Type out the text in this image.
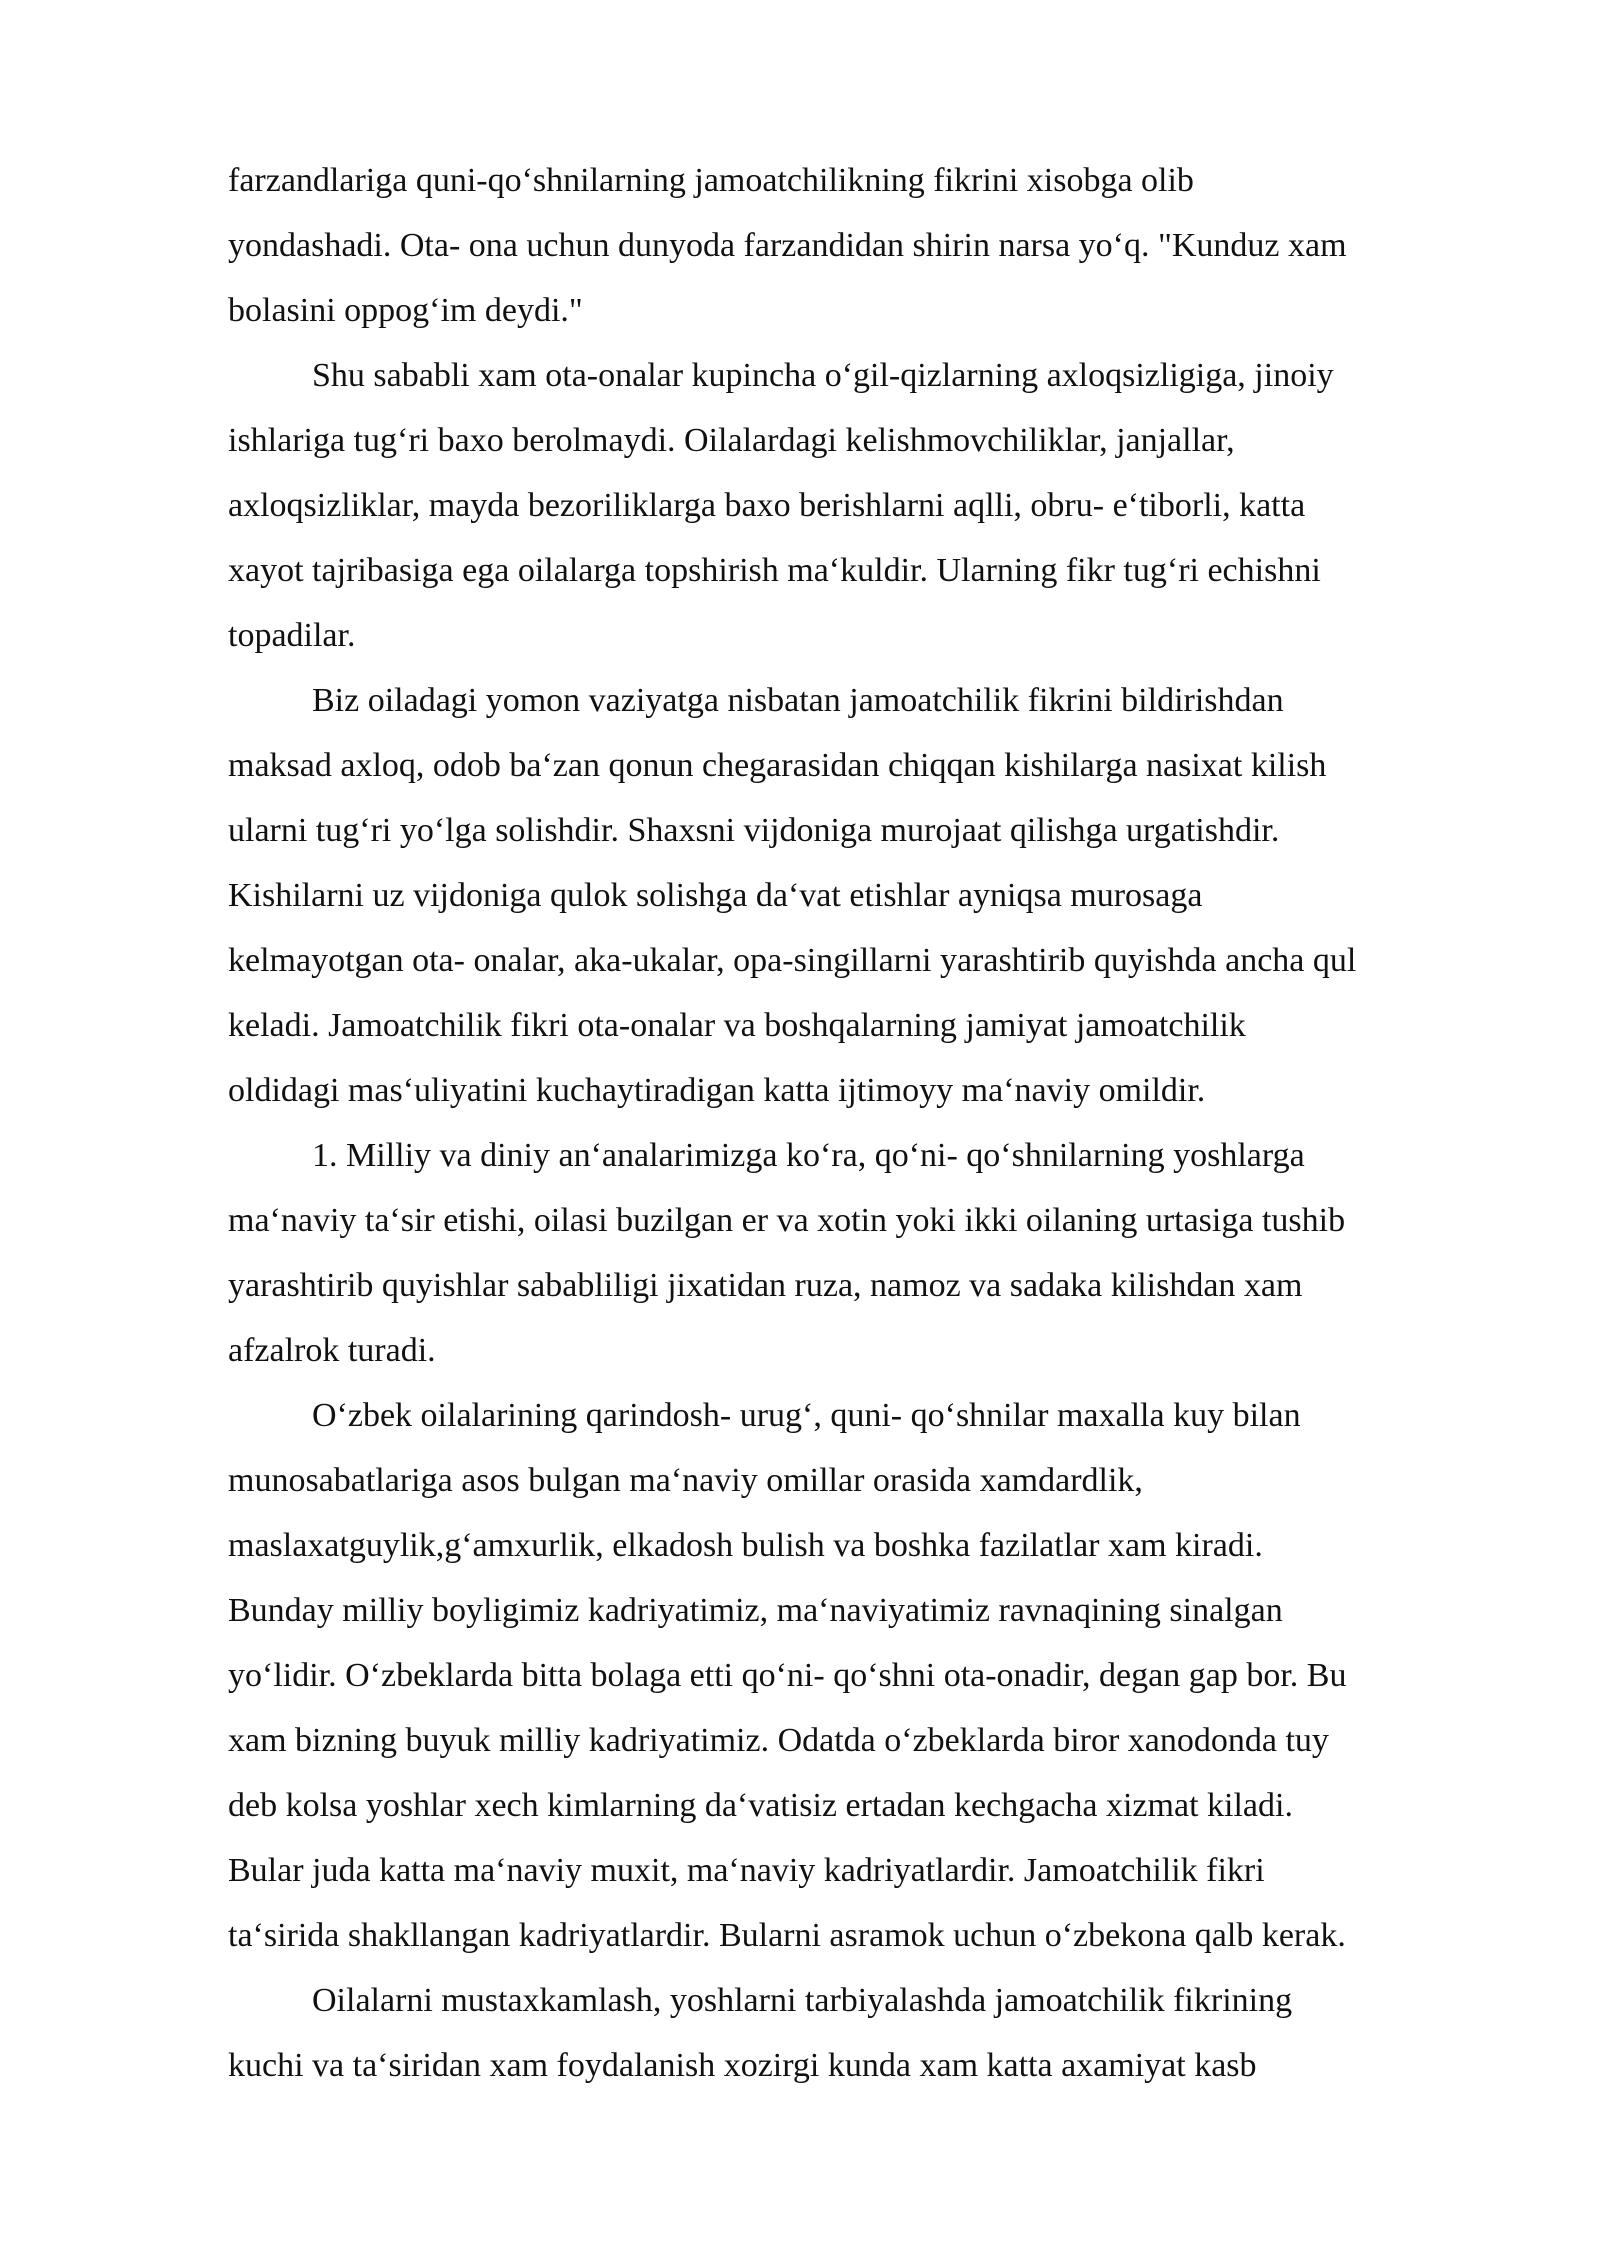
farzandlariga quni-qo‘shnilarning jamoatchilikning fikrini xisobga olib
yondashadi. Ota- ona uchun dunyoda farzandidan shirin narsa yo‘q. "Kunduz xam
bolasini oppog‘im deydi."
Shu sababli xam ota-onalar kupincha o‘gil-qizlarning axloqsizligiga, jinoiy
ishlariga tug‘ri baxo berolmaydi. Oilalardagi kelishmovchiliklar, janjallar,
axloqsizliklar, mayda bezoriliklarga baxo berishlarni aqlli, obru- e‘tiborli, katta
xayot tajribasiga ega oilalarga topshirish ma‘kuldir. Ularning fikr tug‘ri echishni
topadilar.
Biz oiladagi yomon vaziyatga nisbatan jamoatchilik fikrini bildirishdan
maksad axloq, odob ba‘zan qonun chegarasidan chiqqan kishilarga nasixat kilish
ularni tug‘ri yo‘lga solishdir. Shaxsni vijdoniga murojaat qilishga urgatishdir.
Kishilarni uz vijdoniga qulok solishga da‘vat etishlar ayniqsa murosaga
kelmayotgan ota- onalar, aka-ukalar, opa-singillarni yarashtirib quyishda ancha qul
keladi. Jamoatchilik fikri ota-onalar va boshqalarning jamiyat jamoatchilik
oldidagi mas‘uliyatini kuchaytiradigan katta ijtimoyy ma‘naviy omildir.
1. Milliy va diniy an‘analarimizga ko‘ra, qo‘ni- qo‘shnilarning yoshlarga
ma‘naviy ta‘sir etishi, oilasi buzilgan er va xotin yoki ikki oilaning urtasiga tushib
yarashtirib quyishlar sababliligi jixatidan ruza, namoz va sadaka kilishdan xam
afzalrok turadi.
O‘zbek oilalarining qarindosh- urug‘, quni- qo‘shnilar maxalla kuy bilan
munosabatlariga asos bulgan ma‘naviy omillar orasida xamdardlik,
maslaxatguylik,g‘amxurlik, elkadosh bulish va boshka fazilatlar xam kiradi.
Bunday milliy boyligimiz kadriyatimiz, ma‘naviyatimiz ravnaqining sinalgan
yo‘lidir. O‘zbeklarda bitta bolaga etti qo‘ni- qo‘shni ota-onadir, degan gap bor. Bu
xam bizning buyuk milliy kadriyatimiz. Odatda o‘zbeklarda biror xanodonda tuy
deb kolsa yoshlar xech kimlarning da‘vatisiz ertadan kechgacha xizmat kiladi.
Bular juda katta ma‘naviy muxit, ma‘naviy kadriyatlardir. Jamoatchilik fikri
ta‘sirida shakllangan kadriyatlardir. Bularni asramok uchun o‘zbekona qalb kerak.
Oilalarni mustaxkamlash, yoshlarni tarbiyalashda jamoatchilik fikrining
kuchi va ta‘siridan xam foydalanish xozirgi kunda xam katta axamiyat kasb
